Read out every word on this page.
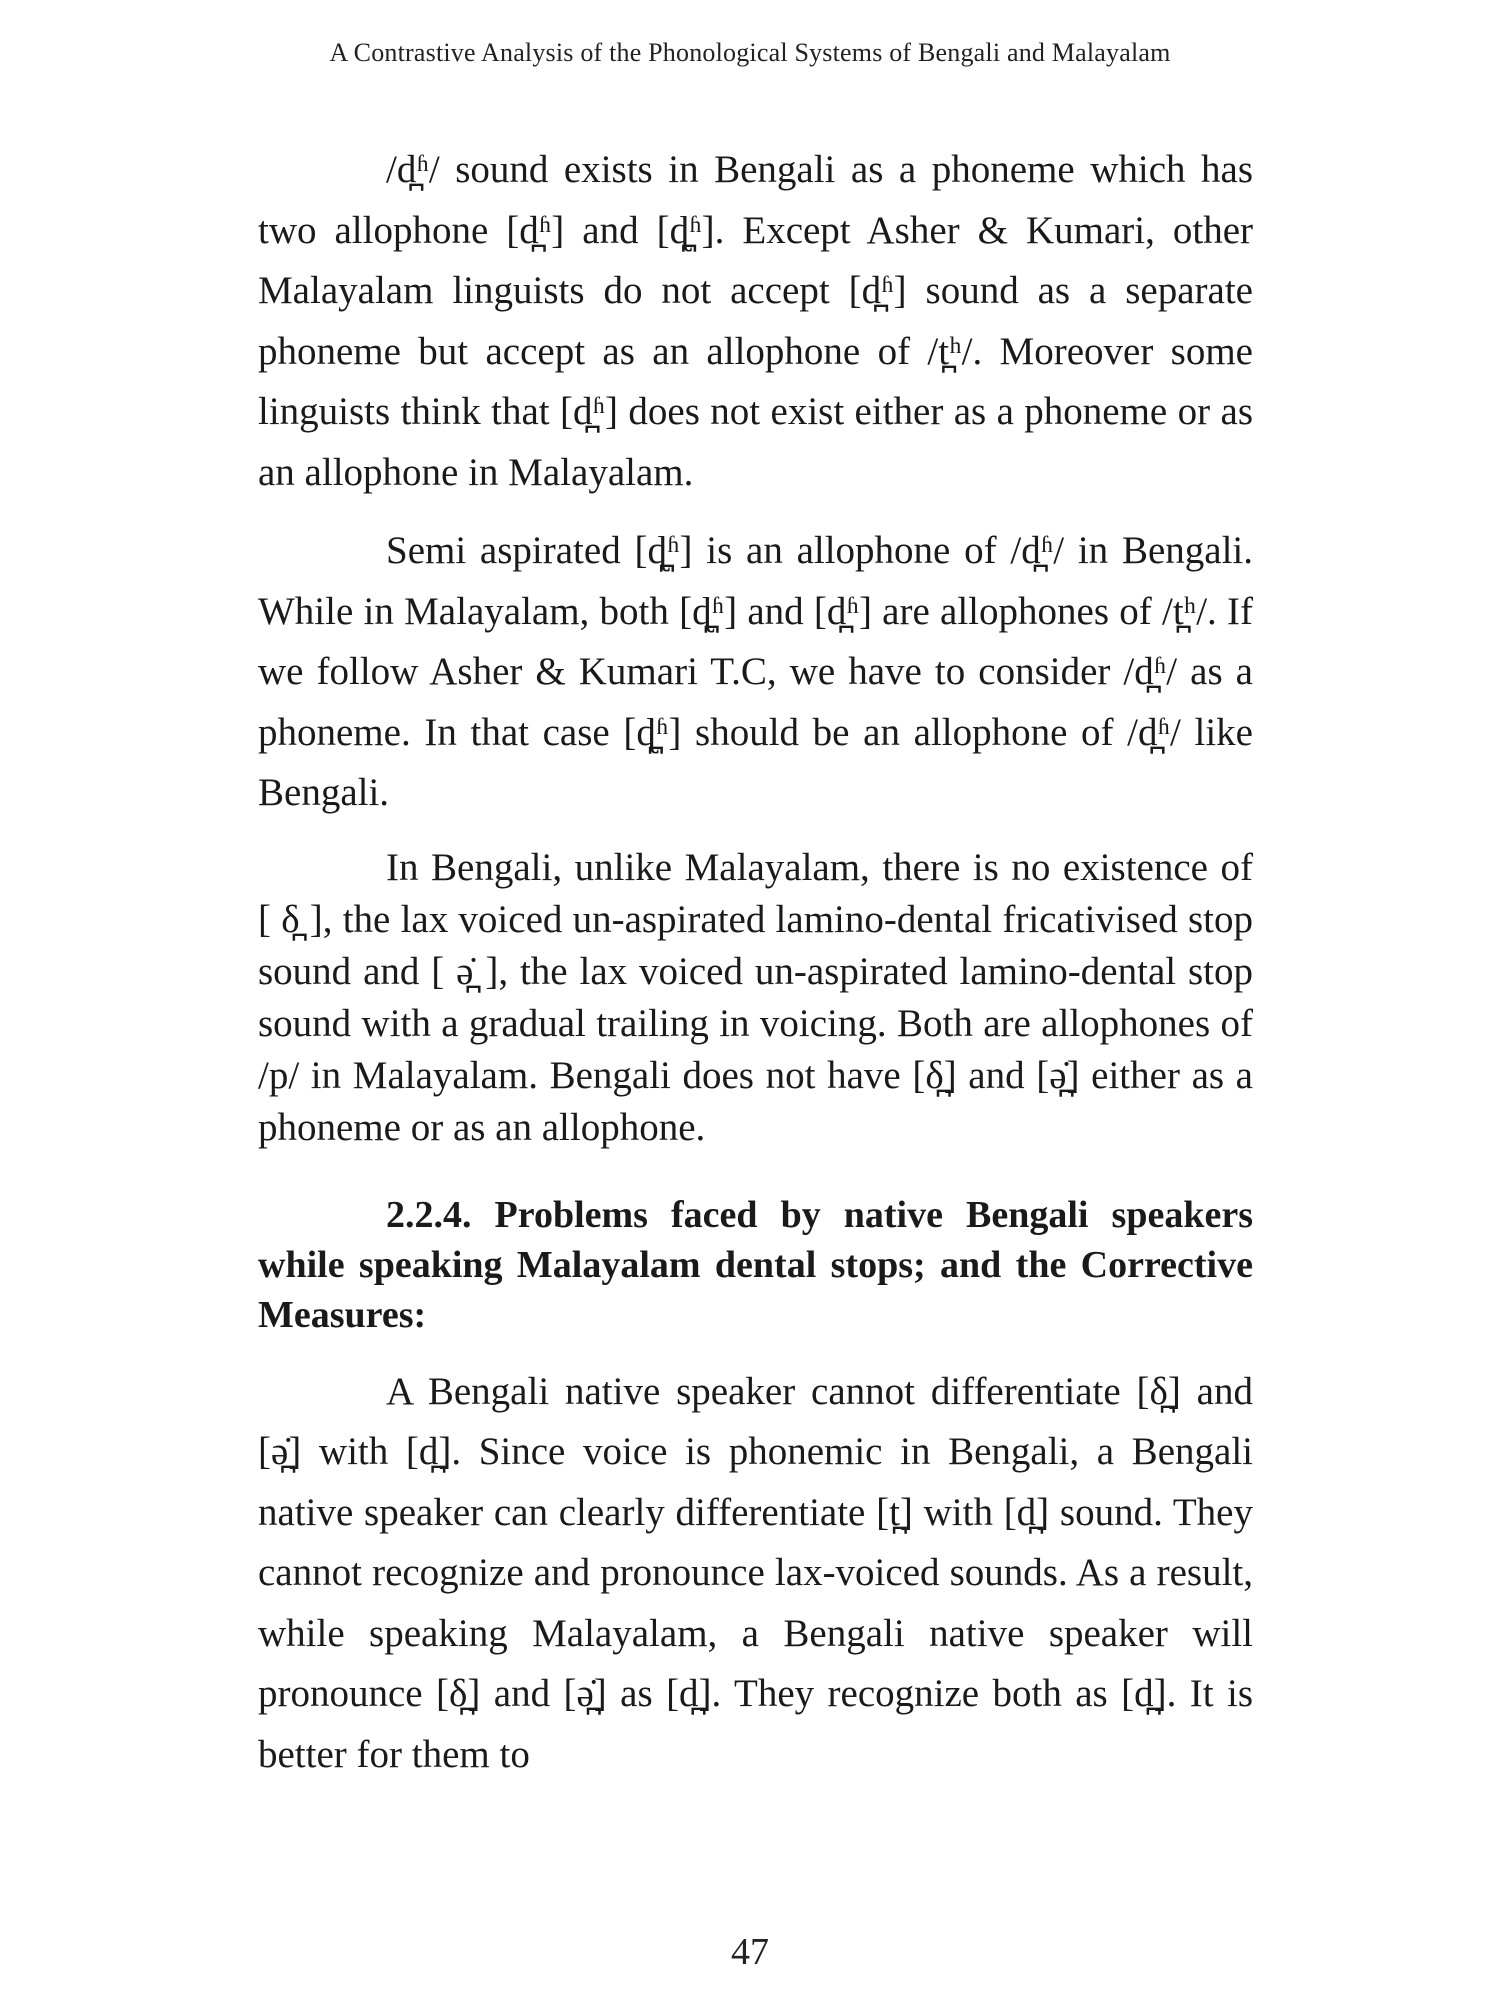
A Contrastive Analysis of the Phonological Systems of Bengali and Malayalam

/d̪ʱ/ sound exists in Bengali as a phoneme which has two allophone [d̪ʱ] and [ɖ̪ʱ]. Except Asher & Kumari, other Malayalam linguists do not accept [d̪ʱ] sound as a separate phoneme but accept as an allophone of /t̪ʰ/. Moreover some linguists think that [d̪ʱ] does not exist either as a phoneme or as an allophone in Malayalam.

Semi aspirated [ɖ̪ʱ] is an allophone of /d̪ʱ/ in Bengali. While in Malayalam, both [ɖ̪ʱ] and [d̪ʱ] are allophones of /t̪ʰ/. If we follow Asher & Kumari T.C, we have to consider /d̪ʱ/ as a phoneme. In that case [ɖ̪ʱ] should be an allophone of /d̪ʱ/ like Bengali.

In Bengali, unlike Malayalam, there is no existence of [ δ̪ ], the lax voiced un-aspirated lamino-dental fricativised stop sound and [ ə̪̇ ], the lax voiced un-aspirated lamino-dental stop sound with a gradual trailing in voicing. Both are allophones of /p/ in Malayalam. Bengali does not have [δ̪] and [ə̪̇] either as a phoneme or as an allophone.

2.2.4. Problems faced by native Bengali speakers while speaking Malayalam dental stops; and the Corrective Measures:

A Bengali native speaker cannot differentiate [δ̪] and [ə̪̇] with [d̪]. Since voice is phonemic in Bengali, a Bengali native speaker can clearly differentiate [t̪] with [d̪] sound. They cannot recognize and pronounce lax-voiced sounds. As a result, while speaking Malayalam, a Bengali native speaker will pronounce [δ̪] and [ə̪̇] as [d̪]. They recognize both as [d̪]. It is better for them to

47
